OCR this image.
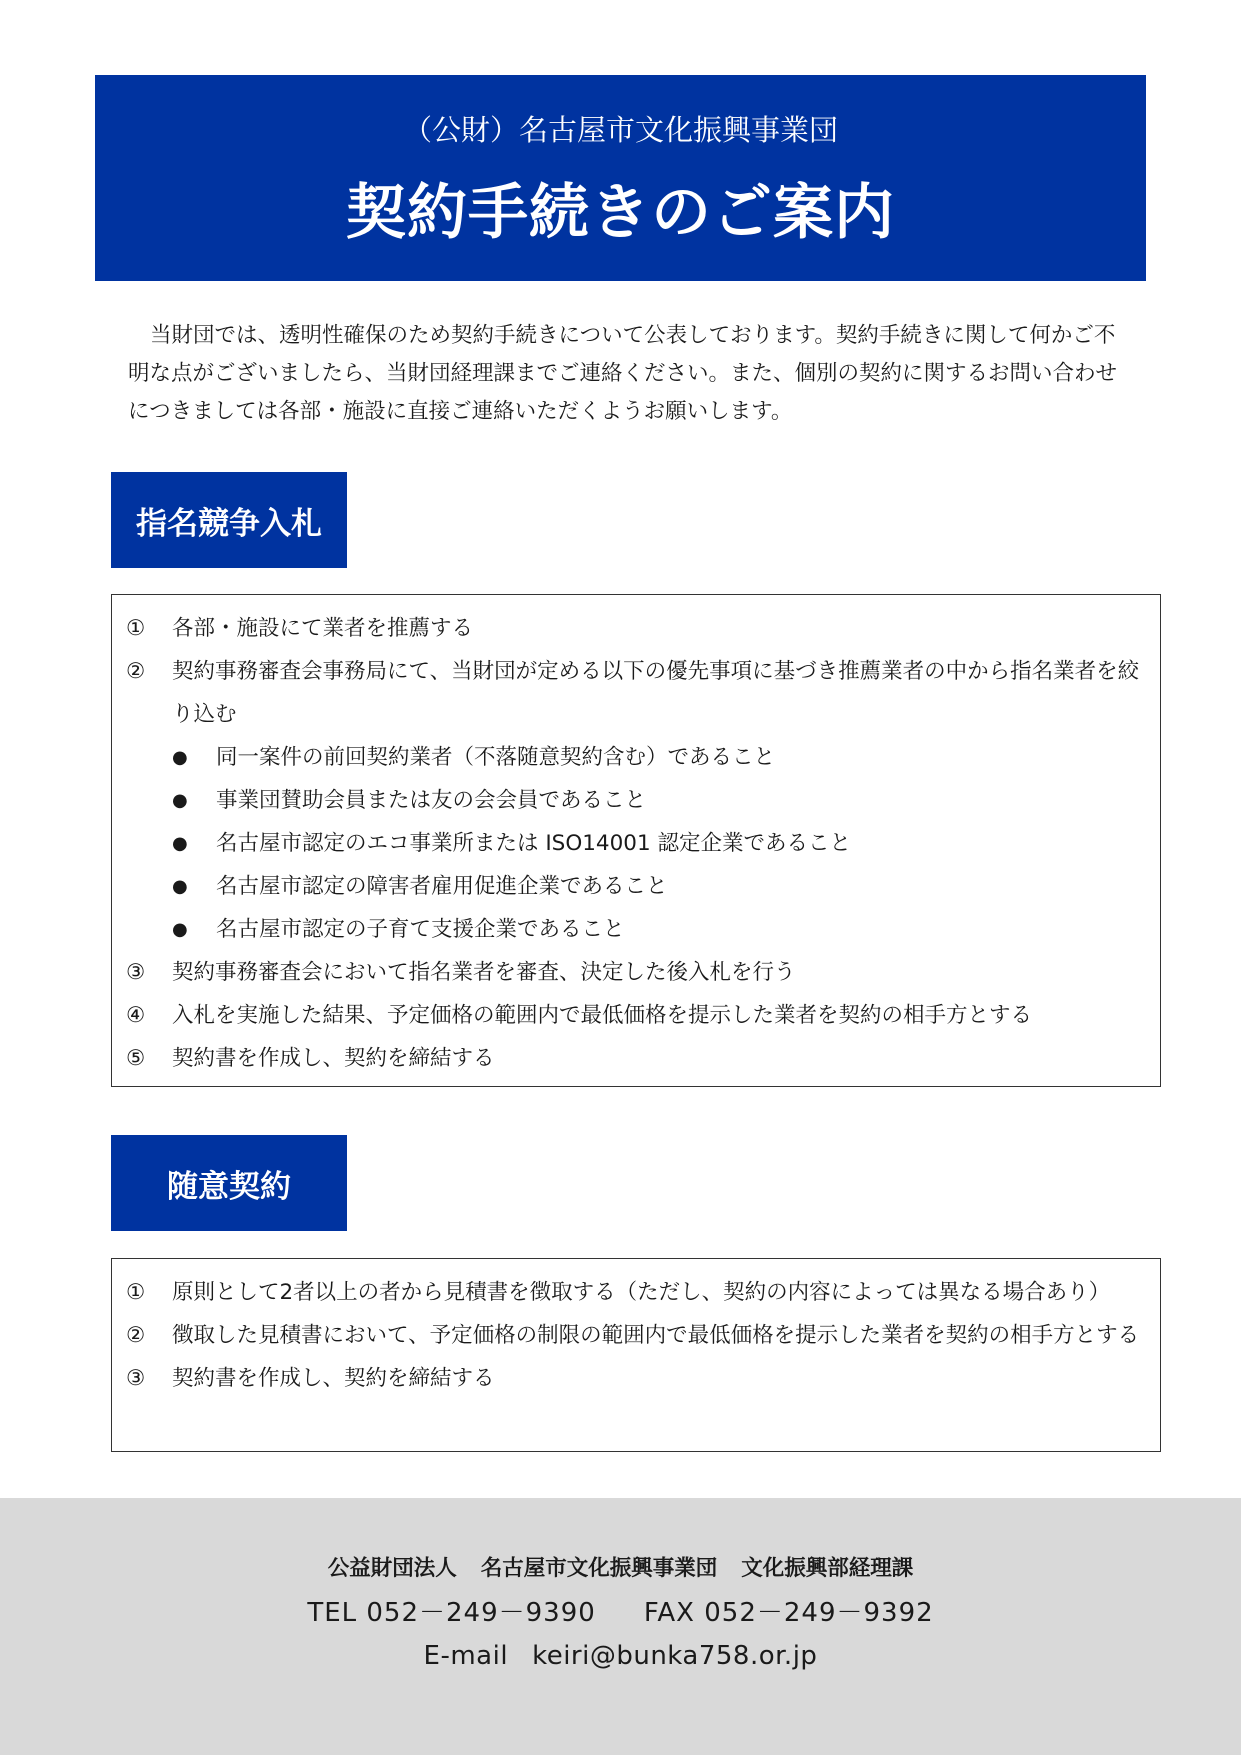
（公財）名古屋市文化振興事業団
契約手続きのご案内

当財団では、透明性確保のため契約手続きについて公表しております。契約手続きに関して何かご不明な点がございましたら、当財団経理課までご連絡ください。また、個別の契約に関するお問い合わせにつきましては各部・施設に直接ご連絡いただくようお願いします。

指名競争入札
① 各部・施設にて業者を推薦する
② 契約事務審査会事務局にて、当財団が定める以下の優先事項に基づき推薦業者の中から指名業者を絞り込む
● 同一案件の前回契約業者（不落随意契約含む）であること
● 事業団賛助会員または友の会会員であること
● 名古屋市認定のエコ事業所または ISO14001 認定企業であること
● 名古屋市認定の障害者雇用促進企業であること
● 名古屋市認定の子育て支援企業であること
③ 契約事務審査会において指名業者を審査、決定した後入札を行う
④ 入札を実施した結果、予定価格の範囲内で最低価格を提示した業者を契約の相手方とする
⑤ 契約書を作成し、契約を締結する
随意契約
① 原則として2者以上の者から見積書を徴取する（ただし、契約の内容によっては異なる場合あり）
② 徴取した見積書において、予定価格の制限の範囲内で最低価格を提示した業者を契約の相手方とする
③ 契約書を作成し、契約を締結する
公益財団法人 名古屋市文化振興事業団 文化振興部経理課
TEL 052－249－9390 FAX 052－249－9392
E-mail keiri@bunka758.or.jp
